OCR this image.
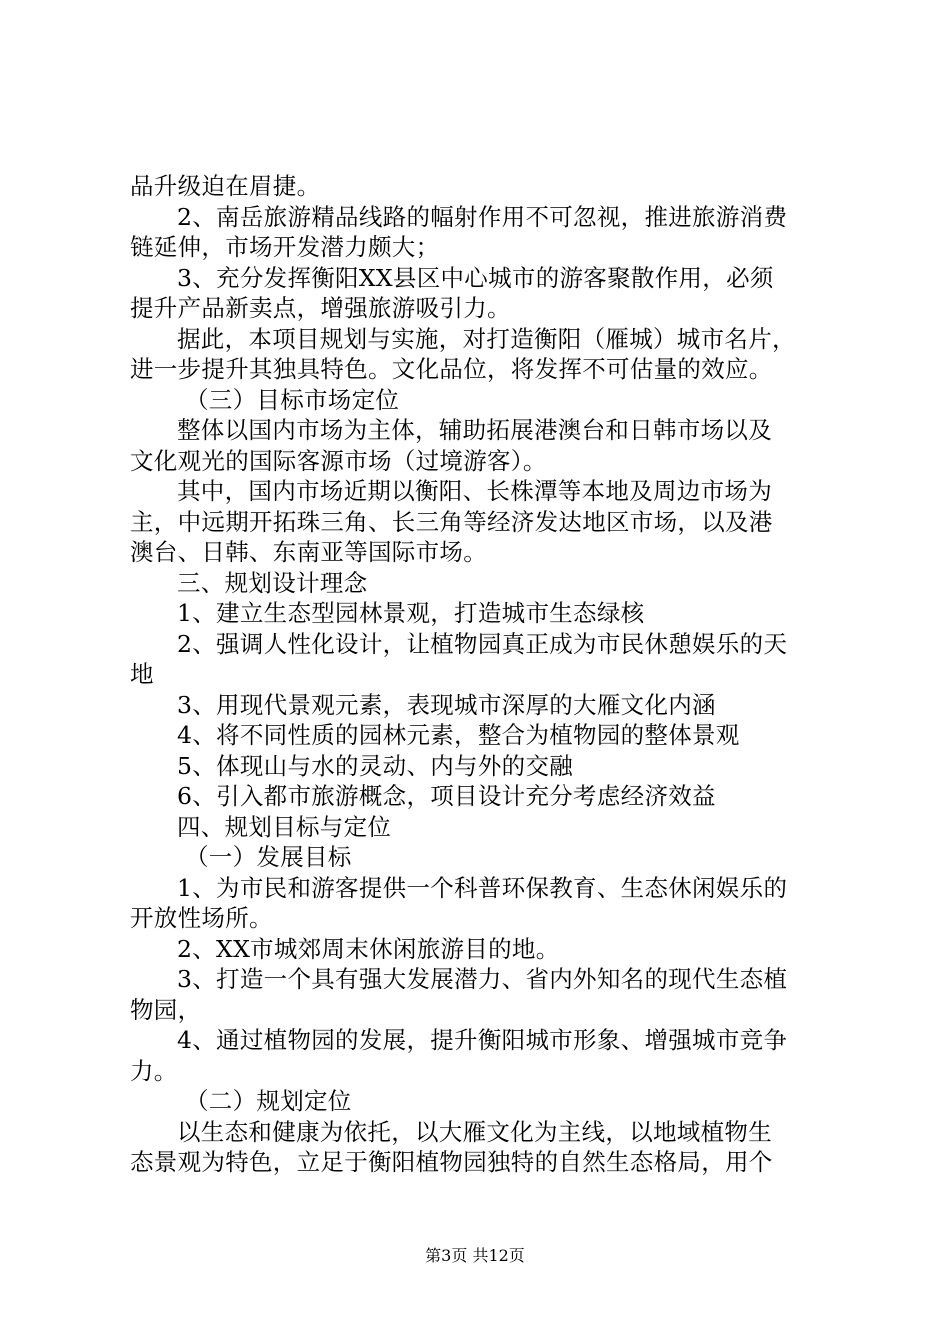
品升级迫在眉捷。
2、南岳旅游精品线路的幅射作用不可忽视，推进旅游消费
链延伸，市场开发潜力颇大；
3、充分发挥衡阳XX县区中心城市的游客聚散作用，必须
提升产品新卖点，增强旅游吸引力。
据此，本项目规划与实施，对打造衡阳（雁城）城市名片，
进一步提升其独具特色。文化品位，将发挥不可估量的效应。
（三）目标市场定位
整体以国内市场为主体，辅助拓展港澳台和日韩市场以及
文化观光的国际客源市场（过境游客）。
其中，国内市场近期以衡阳、长株潭等本地及周边市场为
主，中远期开拓珠三角、长三角等经济发达地区市场，以及港
澳台、日韩、东南亚等国际市场。
三、规划设计理念
1、建立生态型园林景观，打造城市生态绿核
2、强调人性化设计，让植物园真正成为市民休憩娱乐的天
地
3、用现代景观元素，表现城市深厚的大雁文化内涵
4、将不同性质的园林元素，整合为植物园的整体景观
5、体现山与水的灵动、内与外的交融
6、引入都市旅游概念，项目设计充分考虑经济效益
四、规划目标与定位
（一）发展目标
1、为市民和游客提供一个科普环保教育、生态休闲娱乐的
开放性场所。
2、XX市城郊周末休闲旅游目的地。
3、打造一个具有强大发展潜力、省内外知名的现代生态植
物园，
4、通过植物园的发展，提升衡阳城市形象、增强城市竞争
力。
（二）规划定位
以生态和健康为依托，以大雁文化为主线，以地域植物生
态景观为特色，立足于衡阳植物园独特的自然生态格局，用个
第3页 共12页
